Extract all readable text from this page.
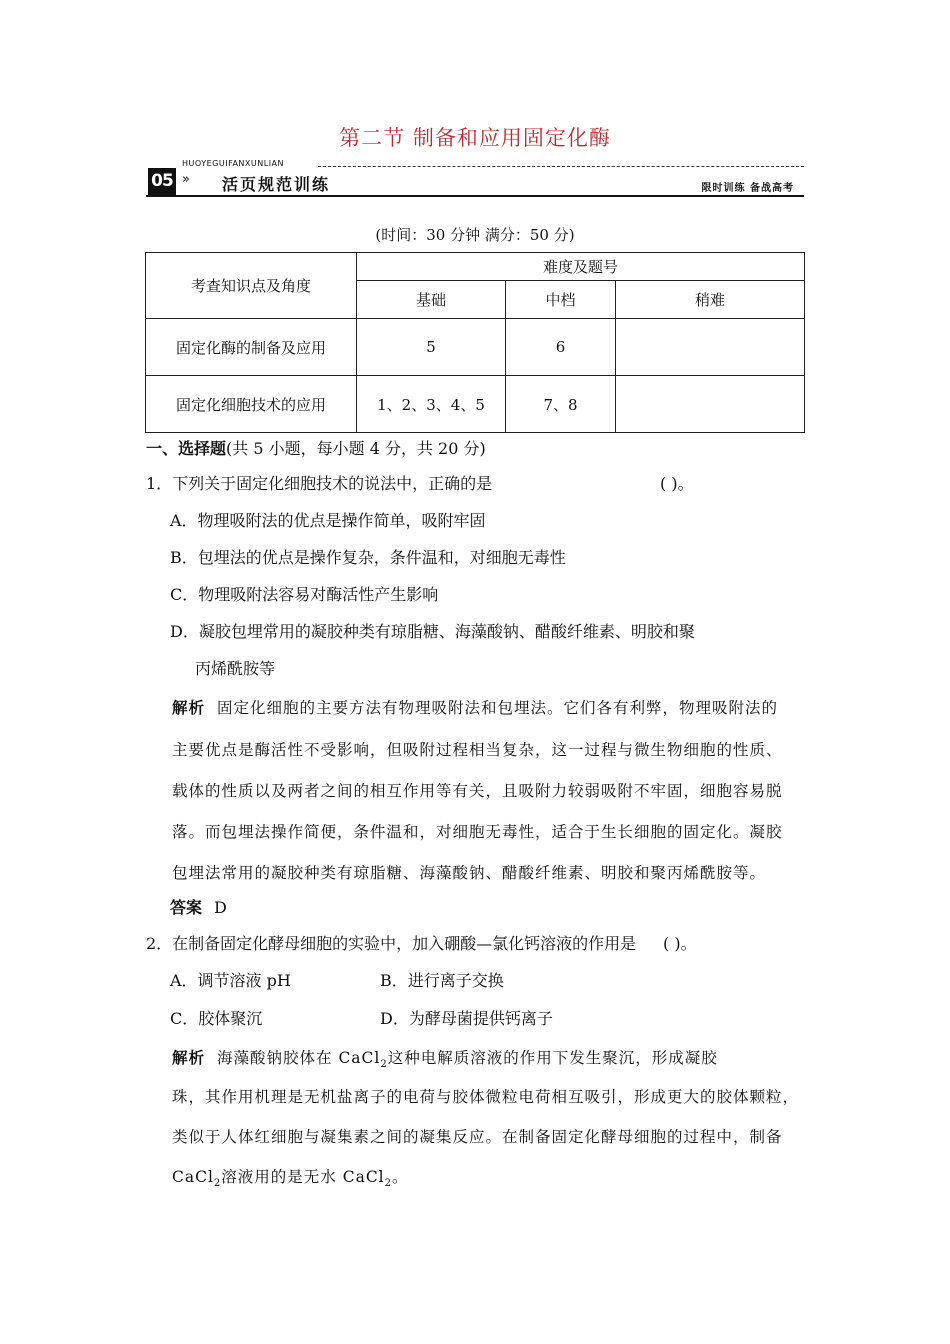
第二节 制备和应用固定化酶
05
HUOYEGUIFANXUNLIAN
» 活页规范训练	限时训练 备战高考
(时间：30 分钟 满分：50 分)
考查知识点及角度	难度及题号		
	基础	中档	稍难
固定化酶的制备及应用	5	6	
固定化细胞技术的应用	1、2、3、4、5	7、8	
一、选择题(共 5 小题，每小题 4 分，共 20 分)
1．下列关于固定化细胞技术的说法中，正确的是	( )。
A．物理吸附法的优点是操作简单，吸附牢固
B．包埋法的优点是操作复杂，条件温和，对细胞无毒性
C．物理吸附法容易对酶活性产生影响
D．凝胶包埋常用的凝胶种类有琼脂糖、海藻酸钠、醋酸纤维素、明胶和聚
丙烯酰胺等
解析 固定化细胞的主要方法有物理吸附法和包埋法。它们各有利弊，物理吸附法的
主要优点是酶活性不受影响，但吸附过程相当复杂，这一过程与微生物细胞的性质、
载体的性质以及两者之间的相互作用等有关，且吸附力较弱吸附不牢固，细胞容易脱
落。而包埋法操作简便，条件温和，对细胞无毒性，适合于生长细胞的固定化。凝胶
包埋法常用的凝胶种类有琼脂糖、海藻酸钠、醋酸纤维素、明胶和聚丙烯酰胺等。
答案 D
2．在制备固定化酵母细胞的实验中，加入硼酸—氯化钙溶液的作用是 ( )。
A．调节溶液 pH	B．进行离子交换
C．胶体聚沉	D．为酵母菌提供钙离子
解析 海藻酸钠胶体在 CaCl$_2$这种电解质溶液的作用下发生聚沉，形成凝胶
珠，其作用机理是无机盐离子的电荷与胶体微粒电荷相互吸引，形成更大的胶体颗粒，
类似于人体红细胞与凝集素之间的凝集反应。在制备固定化酵母细胞的过程中，制备
CaCl$_2$溶液用的是无水 CaCl$_2$。
